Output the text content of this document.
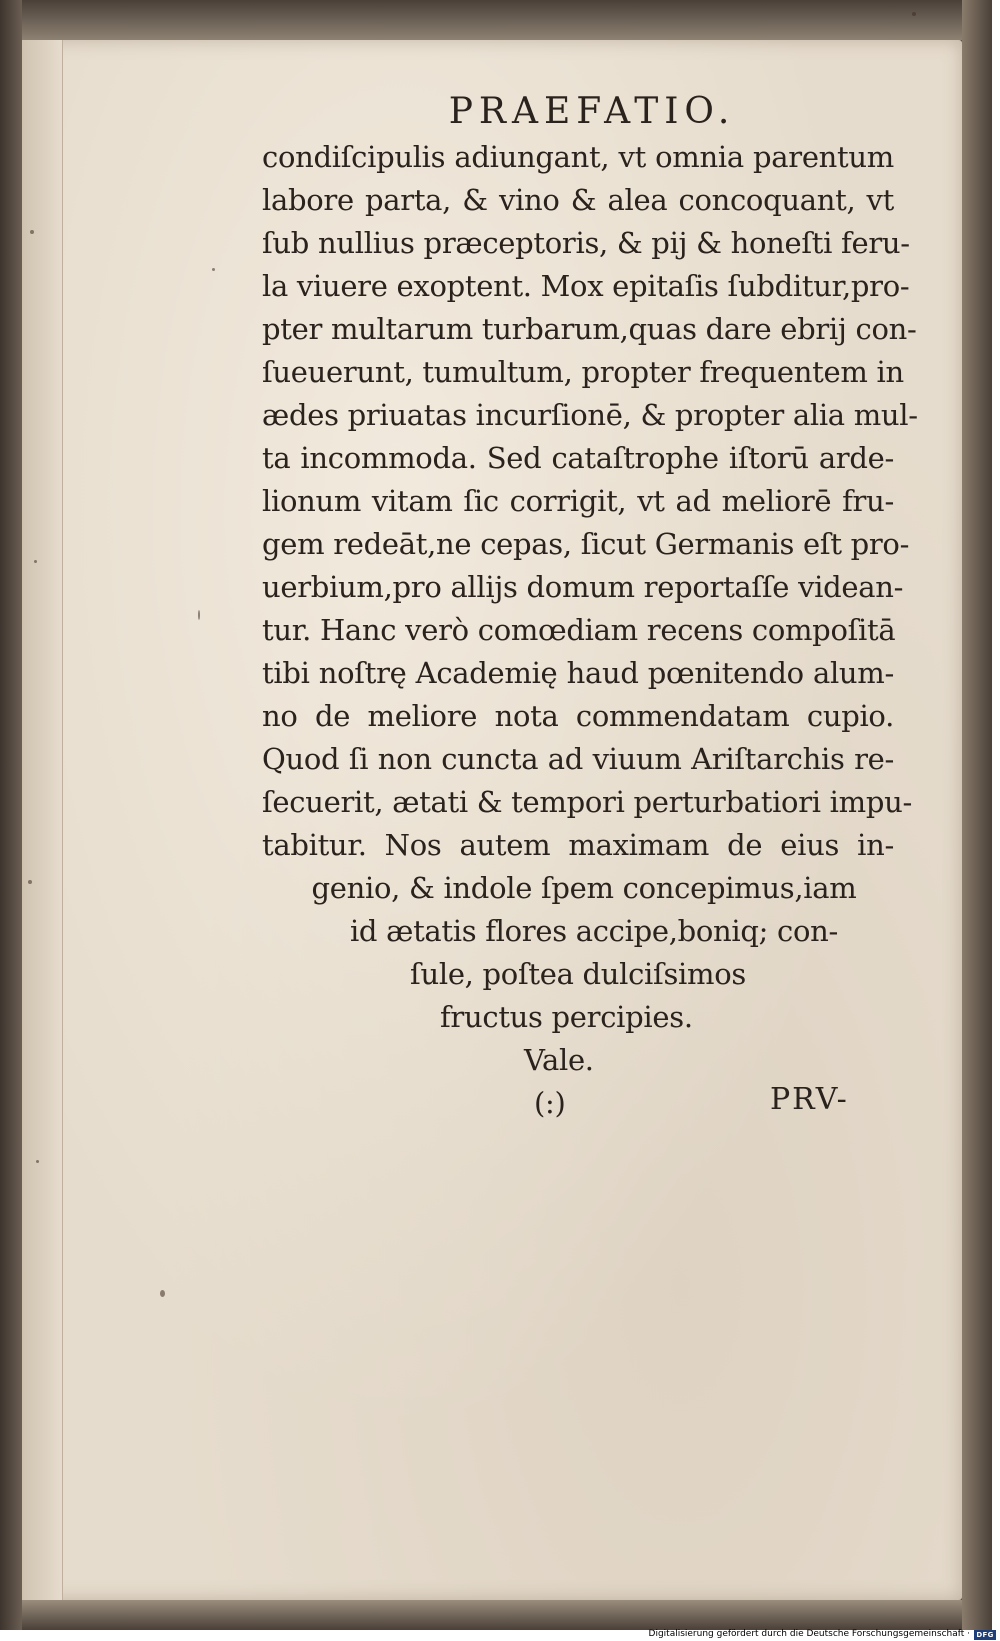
PRAEFATIO.
condiſcipulis adiungant, vt omnia parentum
labore parta, & vino & alea concoquant, vt
ſub nullius præceptoris, & pij & honeſti feru-
la viuere exoptent. Mox epitaſis ſubditur,pro-
pter multarum turbarum,quas dare ebrij con-
ſueuerunt, tumultum, propter frequentem in
ædes priuatas incurſionē, & propter alia mul-
ta incommoda. Sed cataſtrophe iſtorū arde-
lionum vitam ſic corrigit, vt ad meliorē fru-
gem redeāt,ne cepas, ſicut Germanis eſt pro-
uerbium,pro allijs domum reportaſſe videan-
tur. Hanc verò comœdiam recens compoſitā
tibi noſtrę Academię haud pœnitendo alum-
no de meliore nota commendatam cupio.
Quod ſi non cuncta ad viuum Ariſtarchis re-
ſecuerit, ætati & tempori perturbatiori impu-
tabitur. Nos autem maximam de eius in-
genio, & indole ſpem concepimus,iam
id ætatis flores accipe,boniq; con-
ſule, poſtea dulciſsimos
fructus percipies.
Vale.
(:)	PRV-
Digitalisierung gefördert durch die Deutsche Forschungsgemeinschaft · DFG
